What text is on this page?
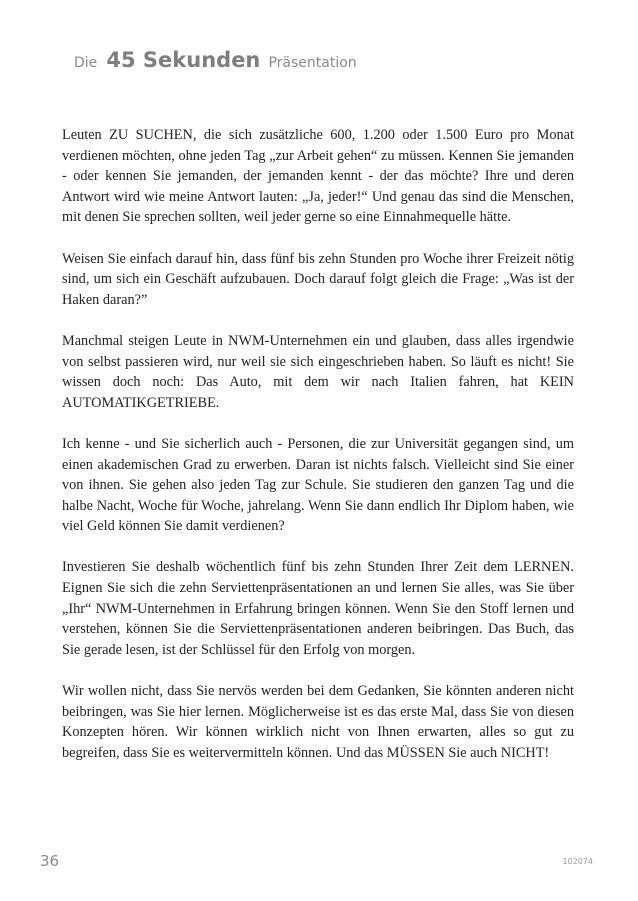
Die 45 Sekunden Präsentation

Leuten ZU SUCHEN, die sich zusätzliche 600, 1.200 oder 1.500 Euro pro Monat verdienen möchten, ohne jeden Tag „zur Arbeit gehen“ zu müssen. Kennen Sie jemanden - oder kennen Sie jemanden, der jemanden kennt - der das möchte? Ihre und deren Antwort wird wie meine Antwort lauten: „Ja, jeder!“ Und genau das sind die Menschen, mit denen Sie sprechen sollten, weil jeder gerne so eine Einnahmequelle hätte.

Weisen Sie einfach darauf hin, dass fünf bis zehn Stunden pro Woche ihrer Freizeit nötig sind, um sich ein Geschäft aufzubauen. Doch darauf folgt gleich die Frage: „Was ist der Haken daran?”

Manchmal steigen Leute in NWM-Unternehmen ein und glauben, dass alles irgendwie von selbst passieren wird, nur weil sie sich eingeschrieben haben. So läuft es nicht! Sie wissen doch noch: Das Auto, mit dem wir nach Italien fahren, hat KEIN AUTOMATIKGETRIEBE.

Ich kenne - und Sie sicherlich auch - Personen, die zur Universität gegangen sind, um einen akademischen Grad zu erwerben. Daran ist nichts falsch. Vielleicht sind Sie einer von ihnen. Sie gehen also jeden Tag zur Schule. Sie studieren den ganzen Tag und die halbe Nacht, Woche für Woche, jahrelang. Wenn Sie dann endlich Ihr Diplom haben, wie viel Geld können Sie damit verdienen?

Investieren Sie deshalb wöchentlich fünf bis zehn Stunden Ihrer Zeit dem LERNEN. Eignen Sie sich die zehn Serviettenpräsentationen an und lernen Sie alles, was Sie über „Ihr“ NWM-Unternehmen in Erfahrung bringen können. Wenn Sie den Stoff lernen und verstehen, können Sie die Serviettenpräsentationen anderen beibringen. Das Buch, das Sie gerade lesen, ist der Schlüssel für den Erfolg von morgen.

Wir wollen nicht, dass Sie nervös werden bei dem Gedanken, Sie könnten anderen nicht beibringen, was Sie hier lernen. Möglicherweise ist es das erste Mal, dass Sie von diesen Konzepten hören. Wir können wirklich nicht von Ihnen erwarten, alles so gut zu begreifen, dass Sie es weitervermitteln können. Und das MÜSSEN Sie auch NICHT!

36	102074
